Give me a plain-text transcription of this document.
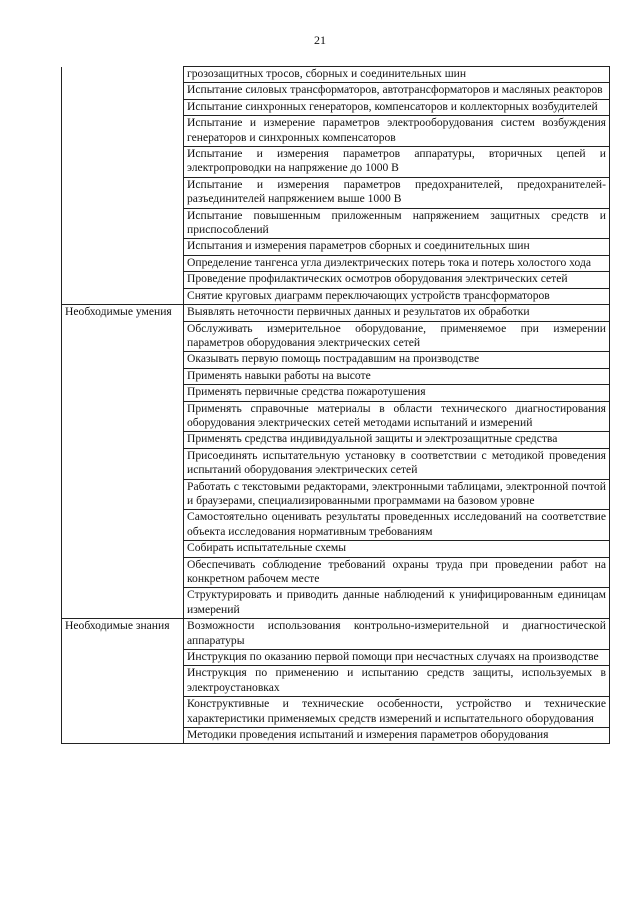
21
	грозозащитных тросов, сборных и соединительных шин
	Испытание силовых трансформаторов, автотрансформаторов и масляных реакторов
	Испытание синхронных генераторов, компенсаторов и коллекторных возбудителей
	Испытание и измерение параметров электрооборудования систем возбуждения генераторов и синхронных компенсаторов
	Испытание и измерения параметров аппаратуры, вторичных цепей и электропроводки на напряжение до 1000 В
	Испытание и измерения параметров предохранителей, предохранителей-разъединителей напряжением выше 1000 В
	Испытание повышенным приложенным напряжением защитных средств и приспособлений
	Испытания и измерения параметров сборных и соединительных шин
	Определение тангенса угла диэлектрических потерь тока и потерь холостого хода
	Проведение профилактических осмотров оборудования электрических сетей
	Снятие круговых диаграмм переключающих устройств трансформаторов
Необходимые умения	Выявлять неточности первичных данных и результатов их обработки
	Обслуживать измерительное оборудование, применяемое при измерении параметров оборудования электрических сетей
	Оказывать первую помощь пострадавшим на производстве
	Применять навыки работы на высоте
	Применять первичные средства пожаротушения
	Применять справочные материалы в области технического диагностирования оборудования электрических сетей методами испытаний и измерений
	Применять средства индивидуальной защиты и электрозащитные средства
	Присоединять испытательную установку в соответствии с методикой проведения испытаний оборудования электрических сетей
	Работать с текстовыми редакторами, электронными таблицами, электронной почтой и браузерами, специализированными программами на базовом уровне
	Самостоятельно оценивать результаты проведенных исследований на соответствие объекта исследования нормативным требованиям
	Собирать испытательные схемы
	Обеспечивать соблюдение требований охраны труда при проведении работ на конкретном рабочем месте
	Структурировать и приводить данные наблюдений к унифицированным единицам измерений
Необходимые знания	Возможности использования контрольно-измерительной и диагностической аппаратуры
	Инструкция по оказанию первой помощи при несчастных случаях на производстве
	Инструкция по применению и испытанию средств защиты, используемых в электроустановках
	Конструктивные и технические особенности, устройство и технические характеристики применяемых средств измерений и испытательного оборудования
	Методики проведения испытаний и измерения параметров оборудования
